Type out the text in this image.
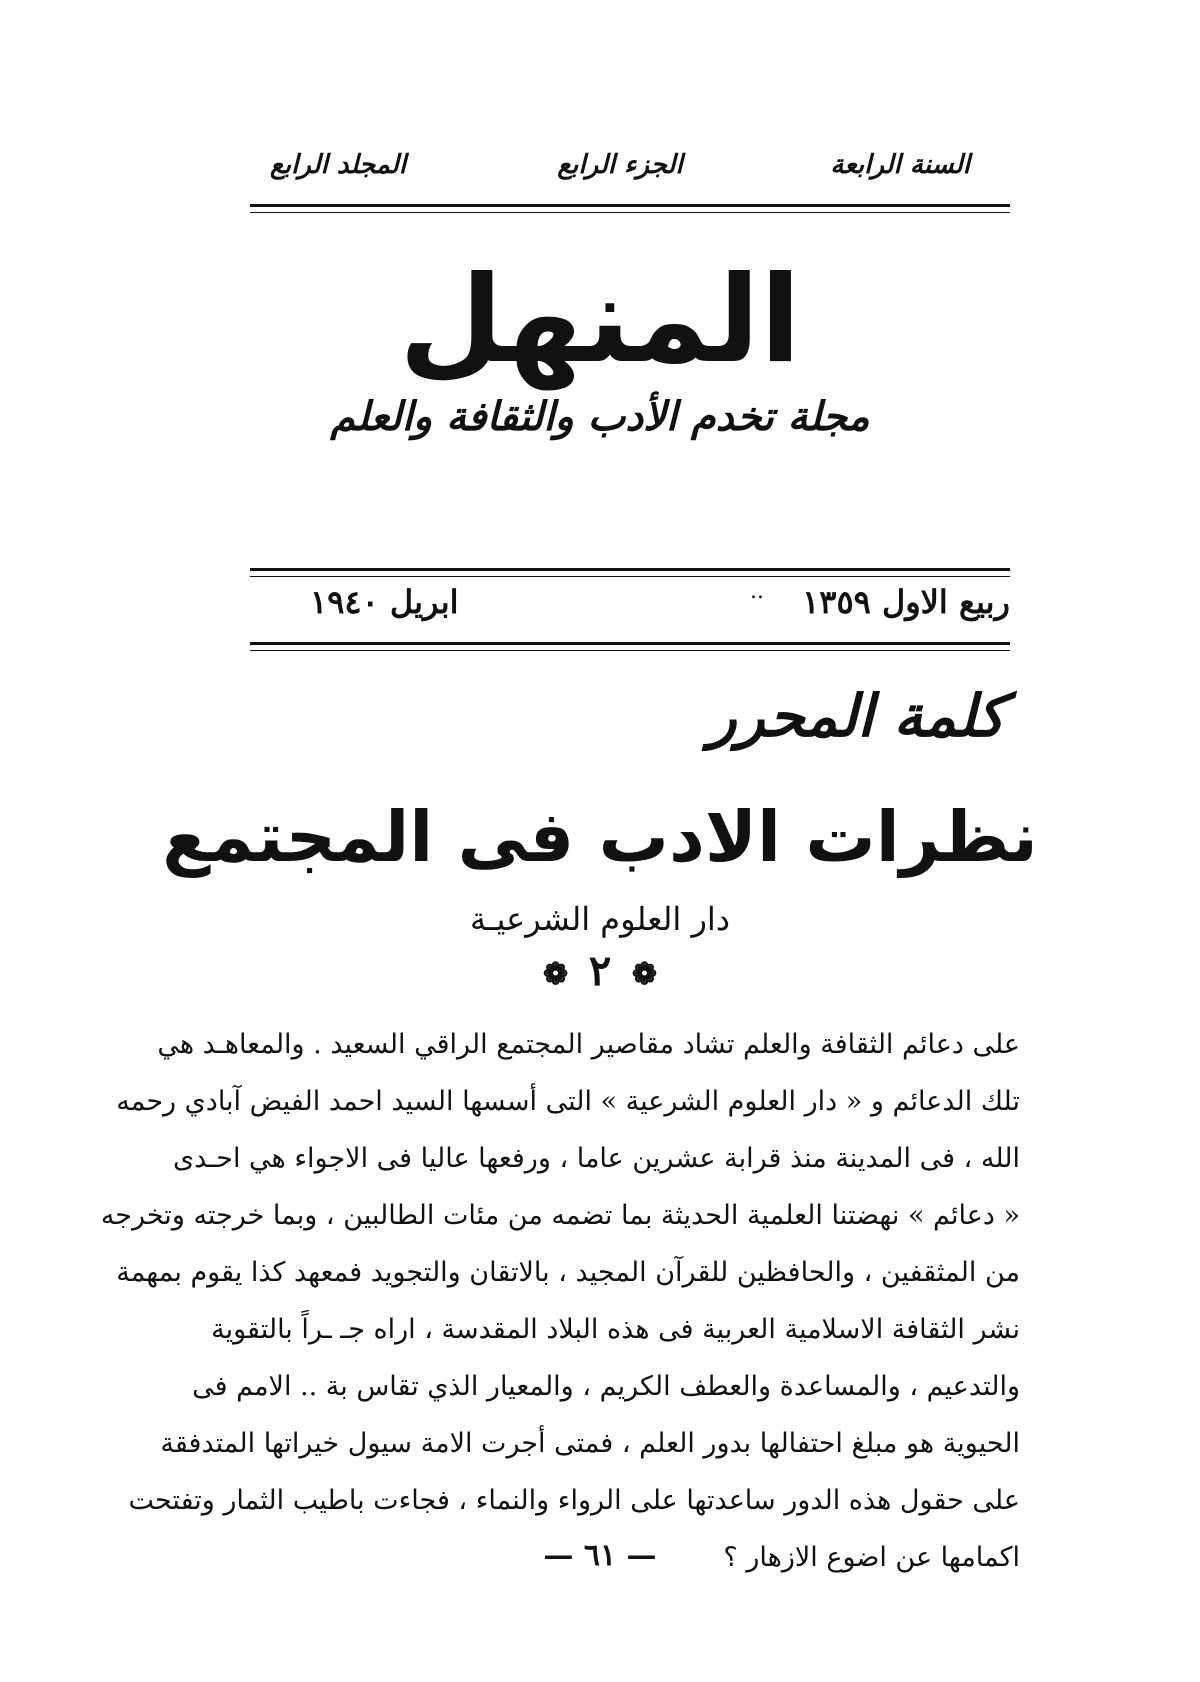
السنة الرابعة
الجزء الرابع
المجلد الرابع
المنهل
مجلة تخدم الأدب والثقافة والعلم
ربيع الاول ١٣٥٩
..
ابريل ١٩٤٠
كلمة المحرر
نظرات الادب فى المجتمع
دار العلوم الشرعيـة
❁ ٢ ❁
على دعائم الثقافة والعلم تشاد مقاصير المجتمع الراقي السعيد . والمعاهـد هي
تلك الدعائم و « دار العلوم الشرعية » التى أسسها السيد احمد الفيض آبادي رحمه
الله ، فى المدينة منذ قرابة عشرين عاما ، ورفعها عاليا فى الاجواء هي احـدى
« دعائم » نهضتنا العلمية الحديثة بما تضمه من مئات الطالبين ، وبما خرجته وتخرجه
من المثقفين ، والحافظين للقرآن المجيد ، بالاتقان والتجويد فمعهد كذا يقوم بمهمة
نشر الثقافة الاسلامية العربية فى هذه البلاد المقدسة ، اراه جـ ـراً بالتقوية
والتدعيم ، والمساعدة والعطف الكريم ، والمعيار الذي تقاس بة .. الامم فى
الحيوية هو مبلغ احتفالها بدور العلم ، فمتى أجرت الامة سيول خيراتها المتدفقة
على حقول هذه الدور ساعدتها على الرواء والنماء ، فجاءت باطيب الثمار وتفتحت
اكمامها عن اضوع الازهار ؟
— ٦١ —
